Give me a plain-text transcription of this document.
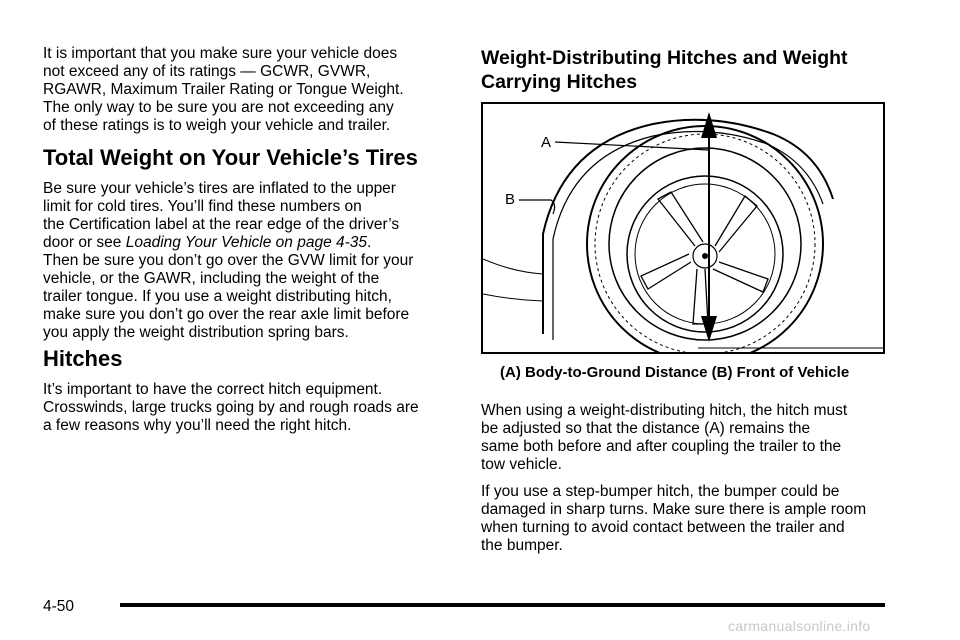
It is important that you make sure your vehicle does
not exceed any of its ratings — GCWR, GVWR,
RGAWR, Maximum Trailer Rating or Tongue Weight.
The only way to be sure you are not exceeding any
of these ratings is to weigh your vehicle and trailer.

Total Weight on Your Vehicle’s Tires

Be sure your vehicle’s tires are inflated to the upper
limit for cold tires. You’ll find these numbers on
the Certification label at the rear edge of the driver’s
door or see Loading Your Vehicle on page 4-35.
Then be sure you don’t go over the GVW limit for your
vehicle, or the GAWR, including the weight of the
trailer tongue. If you use a weight distributing hitch,
make sure you don’t go over the rear axle limit before
you apply the weight distribution spring bars.

Hitches

It’s important to have the correct hitch equipment.
Crosswinds, large trucks going by and rough roads are
a few reasons why you’ll need the right hitch.

Weight-Distributing Hitches and Weight
Carrying Hitches
A
B
(A) Body-to-Ground Distance (B) Front of Vehicle

When using a weight-distributing hitch, the hitch must
be adjusted so that the distance (A) remains the
same both before and after coupling the trailer to the
tow vehicle.

If you use a step-bumper hitch, the bumper could be
damaged in sharp turns. Make sure there is ample room
when turning to avoid contact between the trailer and
the bumper.

4-50
carmanualsonline.info
